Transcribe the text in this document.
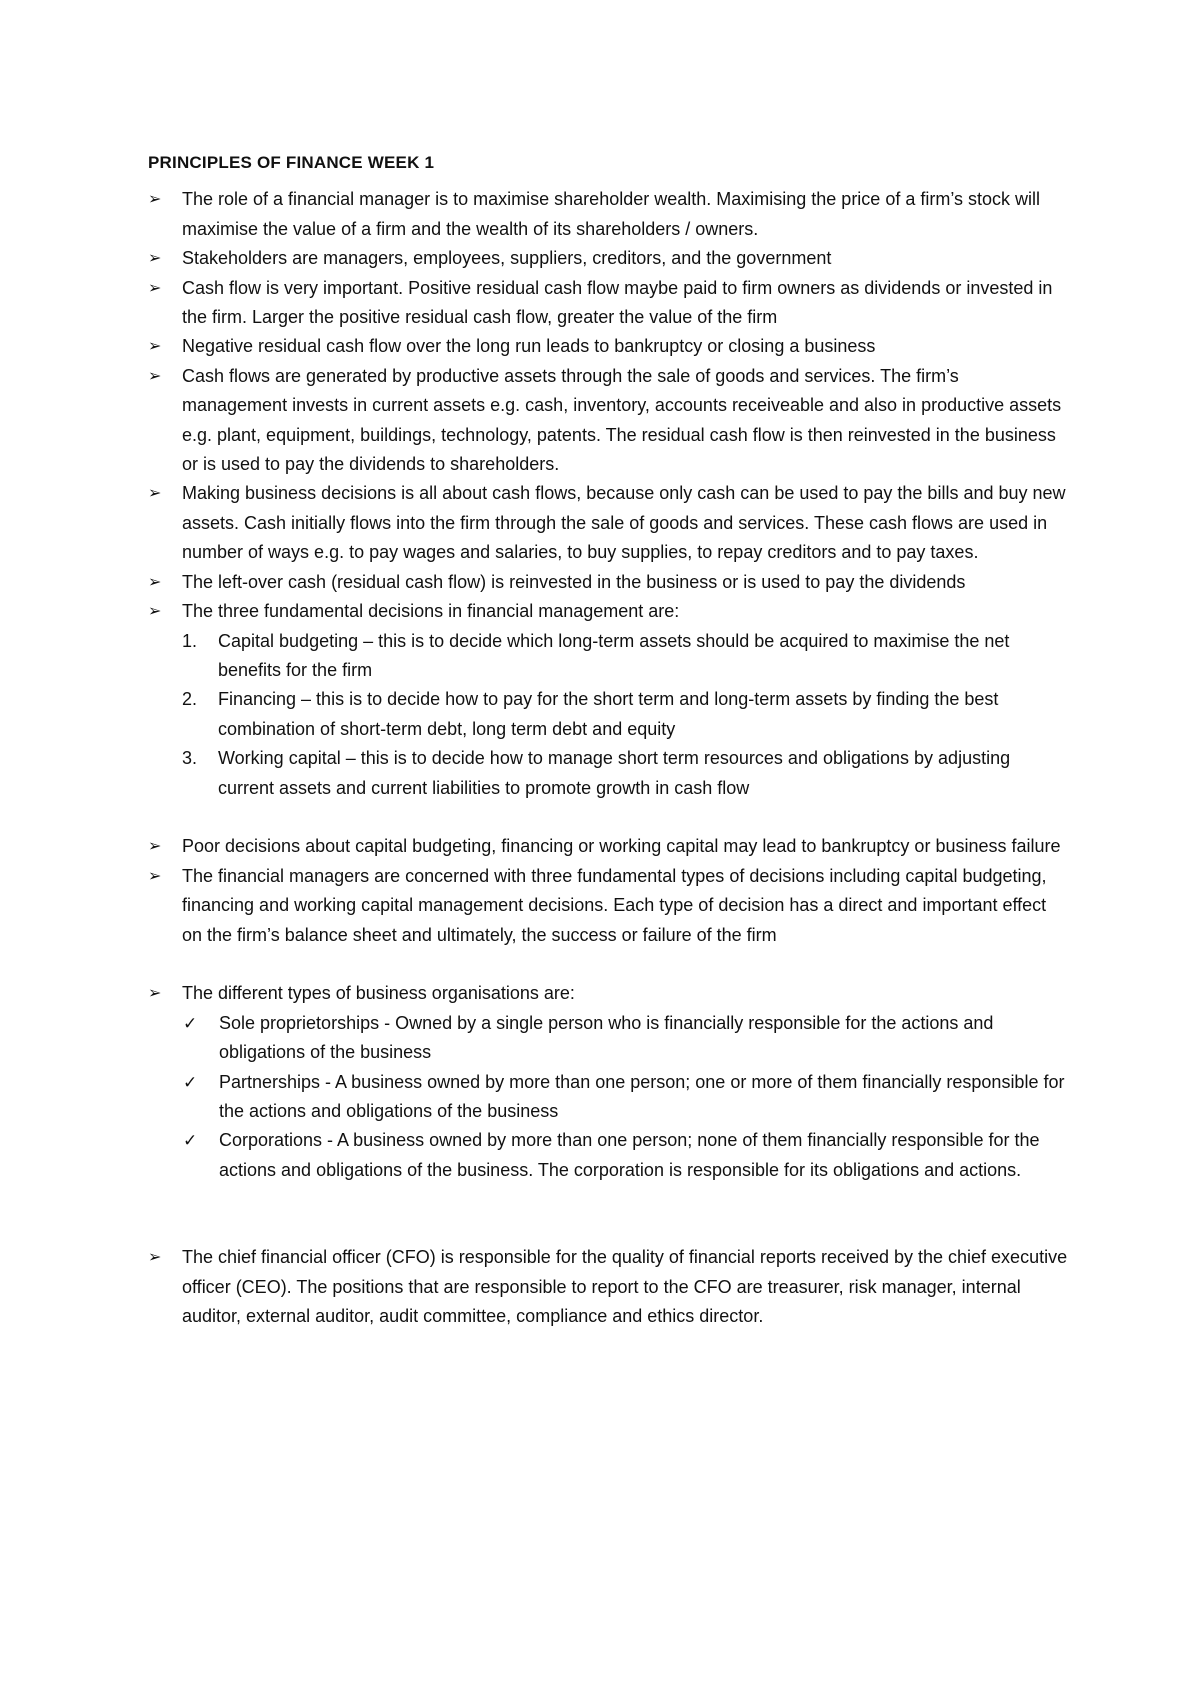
PRINCIPLES OF FINANCE WEEK 1
➢	The role of a financial manager is to maximise shareholder wealth. Maximising the price of a firm’s stock will maximise the value of a firm and the wealth of its shareholders / owners.
➢	Stakeholders are managers, employees, suppliers, creditors, and the government
➢	Cash flow is very important. Positive residual cash flow maybe paid to firm owners as dividends or invested in the firm. Larger the positive residual cash flow, greater the value of the firm
➢	Negative residual cash flow over the long run leads to bankruptcy or closing a business
➢	Cash flows are generated by productive assets through the sale of goods and services. The firm’s management invests in current assets e.g. cash, inventory, accounts receiveable and also in productive assets e.g. plant, equipment, buildings, technology, patents. The residual cash flow is then reinvested in the business or is used to pay the dividends to shareholders.
➢	Making business decisions is all about cash flows, because only cash can be used to pay the bills and buy new assets. Cash initially flows into the firm through the sale of goods and services. These cash flows are used in number of ways e.g. to pay wages and salaries, to buy supplies, to repay creditors and to pay taxes.
➢	The left-over cash (residual cash flow) is reinvested in the business or is used to pay the dividends
➢	The three fundamental decisions in financial management are:
1. Capital budgeting – this is to decide which long-term assets should be acquired to maximise the net benefits for the firm
2. Financing – this is to decide how to pay for the short term and long-term assets by finding the best combination of short-term debt, long term debt and equity
3. Working capital – this is to decide how to manage short term resources and obligations by adjusting current assets and current liabilities to promote growth in cash flow
➢	Poor decisions about capital budgeting, financing or working capital may lead to bankruptcy or business failure
➢	The financial managers are concerned with three fundamental types of decisions including capital budgeting, financing and working capital management decisions. Each type of decision has a direct and important effect on the firm’s balance sheet and ultimately, the success or failure of the firm
➢	The different types of business organisations are:
✓ Sole proprietorships - Owned by a single person who is financially responsible for the actions and obligations of the business
✓ Partnerships - A business owned by more than one person; one or more of them financially responsible for the actions and obligations of the business
✓ Corporations - A business owned by more than one person; none of them financially responsible for the actions and obligations of the business. The corporation is responsible for its obligations and actions.
➢	The chief financial officer (CFO) is responsible for the quality of financial reports received by the chief executive officer (CEO). The positions that are responsible to report to the CFO are treasurer, risk manager, internal auditor, external auditor, audit committee, compliance and ethics director.
